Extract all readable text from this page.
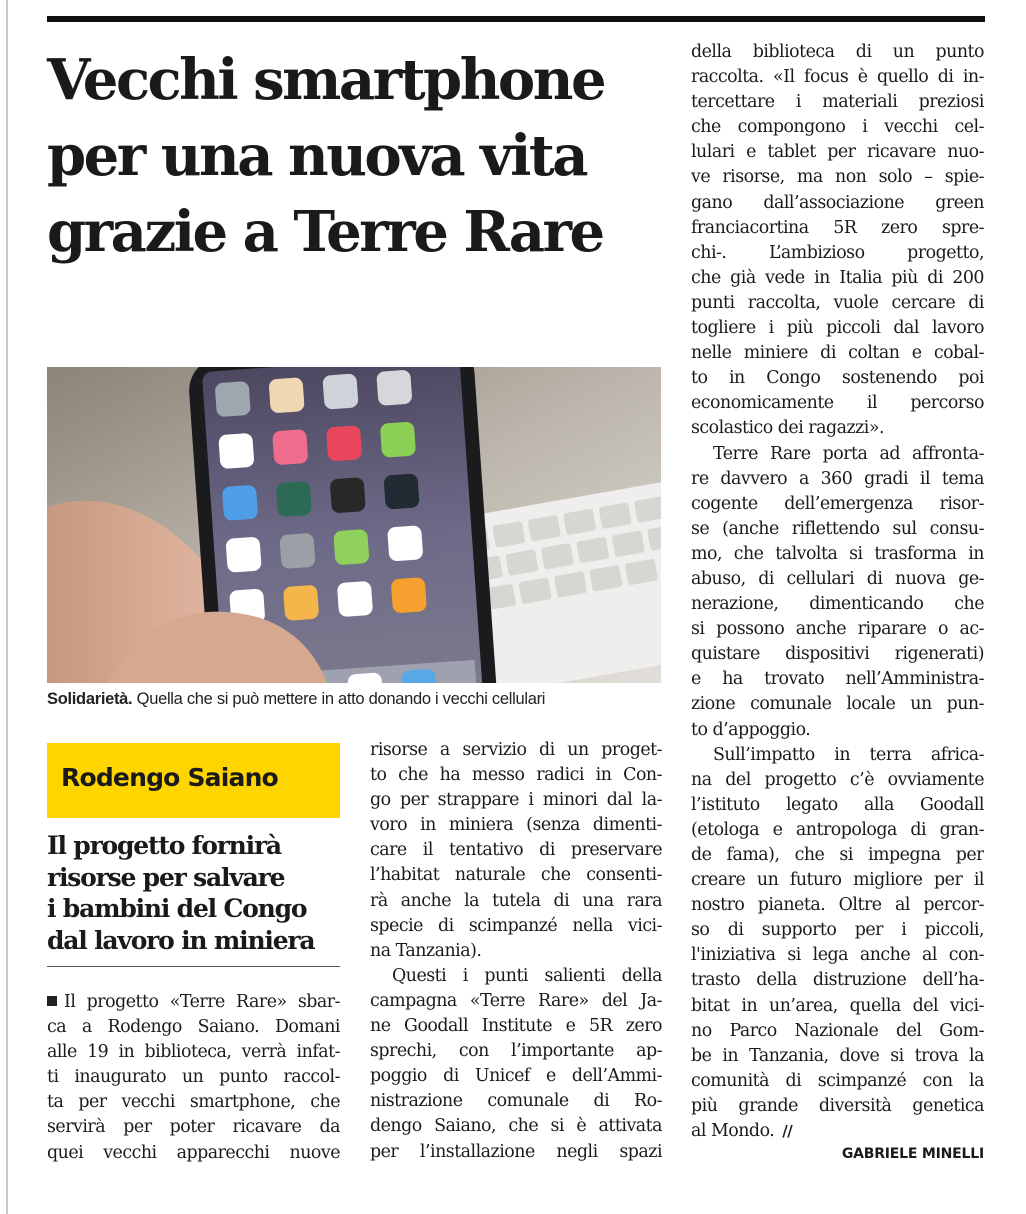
Vecchi smartphone
per una nuova vita
grazie a Terre Rare
Solidarietà. Quella che si può mettere in atto donando i vecchi cellulari
Rodengo Saiano
Il progetto fornirà
risorse per salvare
i bambini del Congo
dal lavoro in miniera
Il progetto «Terre Rare» sbar-
ca a Rodengo Saiano. Domani
alle 19 in biblioteca, verrà infat-
ti inaugurato un punto raccol-
ta per vecchi smartphone, che
servirà per poter ricavare da
quei vecchi apparecchi nuove
risorse a servizio di un proget-
to che ha messo radici in Con-
go per strappare i minori dal la-
voro in miniera (senza dimenti-
care il tentativo di preservare
l’habitat naturale che consenti-
rà anche la tutela di una rara
specie di scimpanzé nella vici-
na Tanzania).
Questi i punti salienti della
campagna «Terre Rare» del Ja-
ne Goodall Institute e 5R zero
sprechi, con l’importante ap-
poggio di Unicef e dell’Ammi-
nistrazione comunale di Ro-
dengo Saiano, che si è attivata
per l’installazione negli spazi
della biblioteca di un punto
raccolta. «Il focus è quello di in-
tercettare i materiali preziosi
che compongono i vecchi cel-
lulari e tablet per ricavare nuo-
ve risorse, ma non solo – spie-
gano dall’associazione green
franciacortina 5R zero spre-
chi-. L’ambizioso progetto,
che già vede in Italia più di 200
punti raccolta, vuole cercare di
togliere i più piccoli dal lavoro
nelle miniere di coltan e cobal-
to in Congo sostenendo poi
economicamente il percorso
scolastico dei ragazzi».
Terre Rare porta ad affronta-
re davvero a 360 gradi il tema
cogente dell’emergenza risor-
se (anche riflettendo sul consu-
mo, che talvolta si trasforma in
abuso, di cellulari di nuova ge-
nerazione, dimenticando che
si possono anche riparare o ac-
quistare dispositivi rigenerati)
e ha trovato nell’Amministra-
zione comunale locale un pun-
to d’appoggio.
Sull’impatto in terra africa-
na del progetto c’è ovviamente
l’istituto legato alla Goodall
(etologa e antropologa di gran-
de fama), che si impegna per
creare un futuro migliore per il
nostro pianeta. Oltre al percor-
so di supporto per i piccoli,
l'iniziativa si lega anche al con-
trasto della distruzione dell’ha-
bitat in un’area, quella del vici-
no Parco Nazionale del Gom-
be in Tanzania, dove si trova la
comunità di scimpanzé con la
più grande diversità genetica
al Mondo. //
GABRIELE MINELLI
